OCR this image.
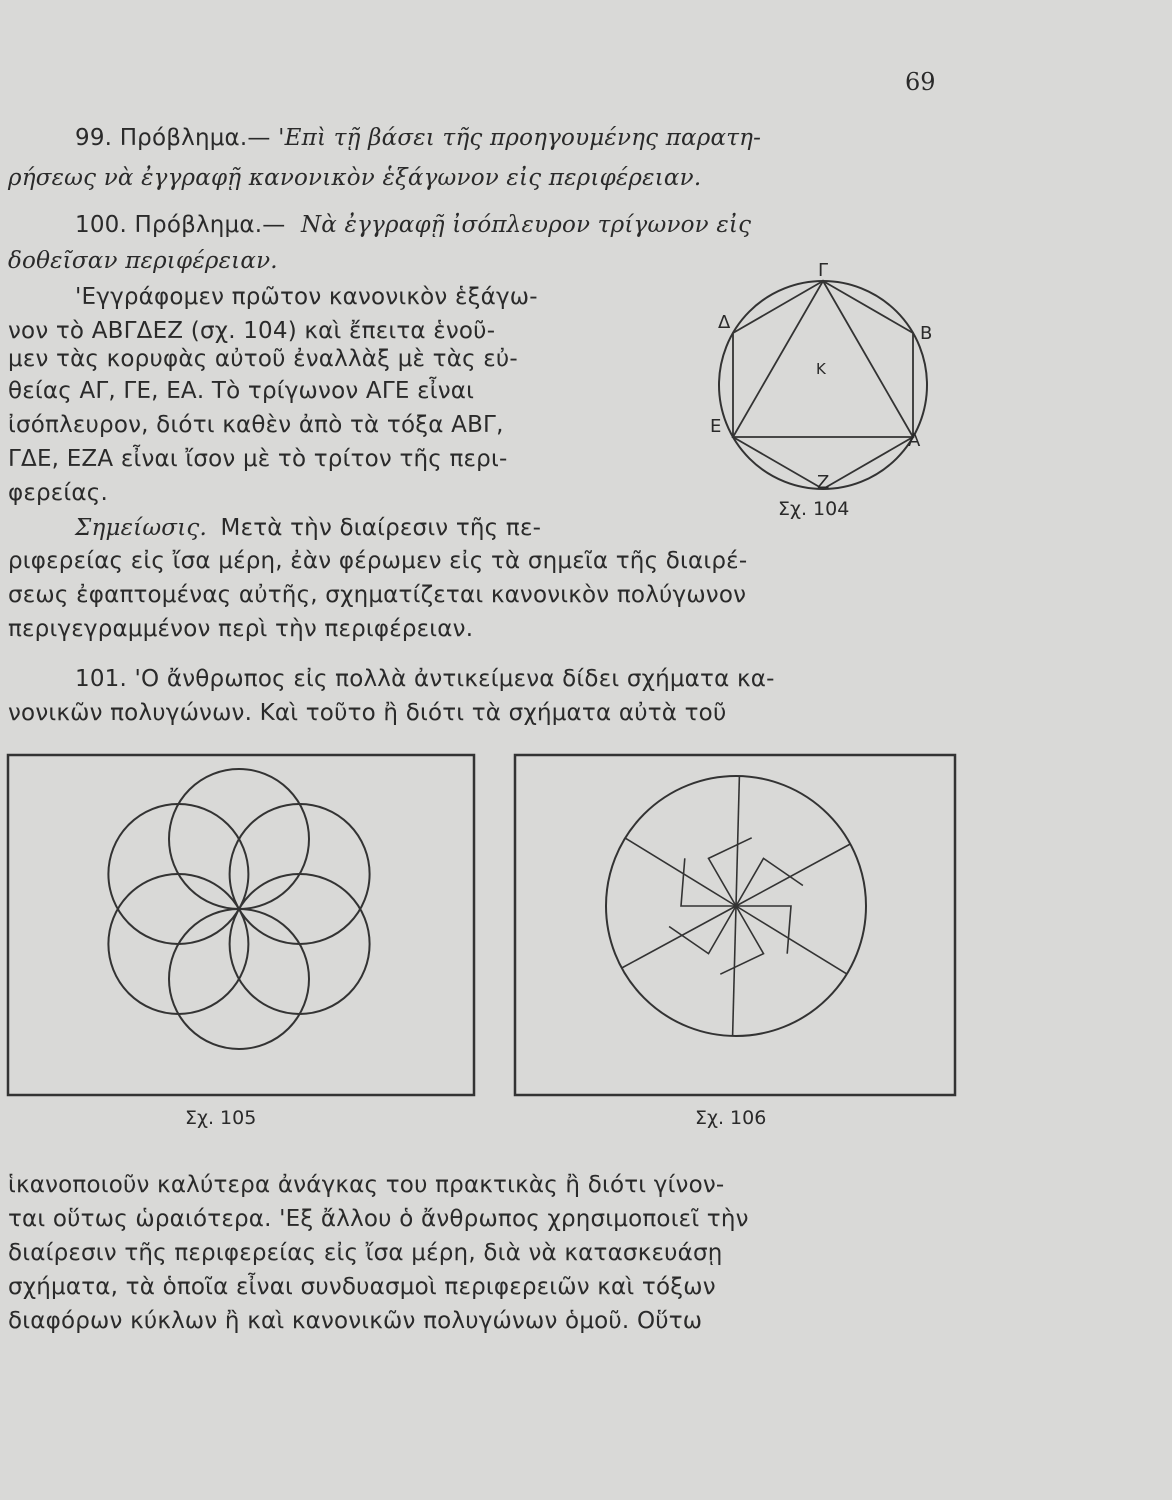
69
99. Πρόβλημα.— 'Επὶ τῇ βάσει τῆς προηγουμένης παρατη-
ρήσεως νὰ ἐγγραφῇ κανονικὸν ἑξάγωνον εἰς περιφέρειαν.
100. Πρόβλημα.— Νὰ ἐγγραφῇ ἰσόπλευρον τρίγωνον εἰς
δοθεῖσαν περιφέρειαν.
'Εγγράφομεν πρῶτον κανονικὸν ἑξάγω-
νον τὸ ΑΒΓΔΕΖ (σχ. 104) καὶ ἔπειτα ἑνοῦ-
μεν τὰς κορυφὰς αὐτοῦ ἐναλλὰξ μὲ τὰς εὐ-
θείας ΑΓ, ΓΕ, ΕΑ. Τὸ τρίγωνον ΑΓΕ εἶναι
ἰσόπλευρον, διότι καθὲν ἀπὸ τὰ τόξα ΑΒΓ,
ΓΔΕ, ΕΖΑ εἶναι ἴσον μὲ τὸ τρίτον τῆς περι-
φερείας.
Γ
Β
Α
Ζ
Ε
Δ
Κ
Σχ. 104
Σημείωσις. Μετὰ τὴν διαίρεσιν τῆς πε-
ριφερείας εἰς ἴσα μέρη, ἐὰν φέρωμεν εἰς τὰ σημεῖα τῆς διαιρέ-
σεως ἐφαπτομένας αὐτῆς, σχηματίζεται κανονικὸν πολύγωνον
περιγεγραμμένον περὶ τὴν περιφέρειαν.
101. 'Ο ἄνθρωπος εἰς πολλὰ ἀντικείμενα δίδει σχήματα κα-
νονικῶν πολυγώνων. Καὶ τοῦτο ἢ διότι τὰ σχήματα αὐτὰ τοῦ
Σχ. 105	Σχ. 106
ἱκανοποιοῦν καλύτερα ἀνάγκας του πρακτικὰς ἢ διότι γίνον-
ται οὕτως ὡραιότερα. 'Εξ ἄλλου ὁ ἄνθρωπος χρησιμοποιεῖ τὴν
διαίρεσιν τῆς περιφερείας εἰς ἴσα μέρη, διὰ νὰ κατασκευάσῃ
σχήματα, τὰ ὁποῖα εἶναι συνδυασμοὶ περιφερειῶν καὶ τόξων
διαφόρων κύκλων ἢ καὶ κανονικῶν πολυγώνων ὁμοῦ. Οὕτω
